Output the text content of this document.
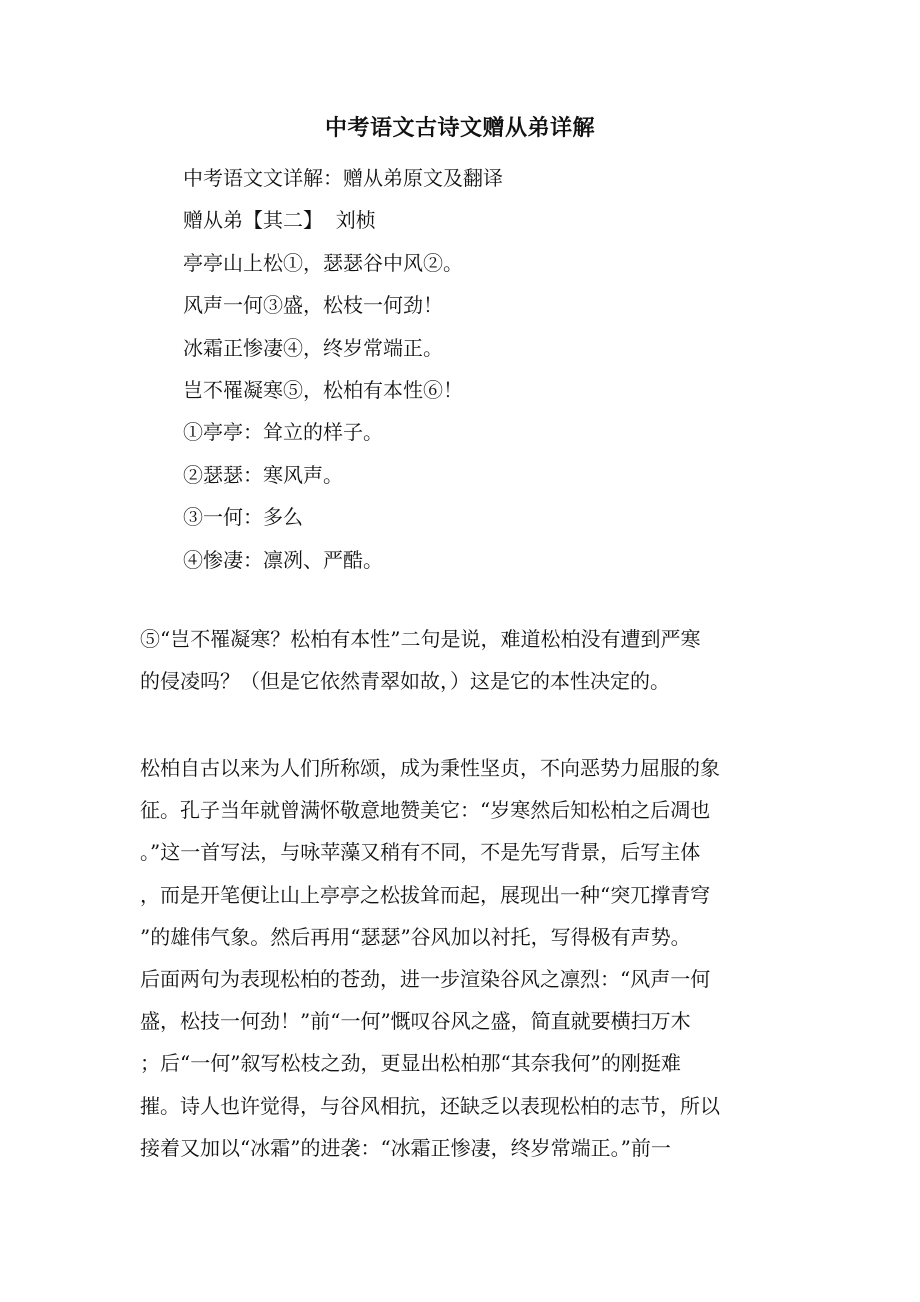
中考语文古诗文赠从弟详解
中考语文文详解：赠从弟原文及翻译
赠从弟【其二】  刘桢
亭亭山上松①，瑟瑟谷中风②。
风声一何③盛，松枝一何劲！
冰霜正惨凄④，终岁常端正。
岂不罹凝寒⑤，松柏有本性⑥！
①亭亭：耸立的样子。
②瑟瑟：寒风声。
③一何：多么
④惨凄：凛冽、严酷。
⑤“岂不罹凝寒？松柏有本性”二句是说，难道松柏没有遭到严寒
的侵凌吗？（但是它依然青翠如故，）这是它的本性决定的。
松柏自古以来为人们所称颂，成为秉性坚贞，不向恶势力屈服的象
征。孔子当年就曾满怀敬意地赞美它：“岁寒然后知松柏之后凋也
。”这一首写法，与咏苹藻又稍有不同，不是先写背景，后写主体
，而是开笔便让山上亭亭之松拔耸而起，展现出一种“突兀撑青穹
”的雄伟气象。然后再用“瑟瑟”谷风加以衬托，写得极有声势。
后面两句为表现松柏的苍劲，进一步渲染谷风之凛烈：“风声一何
盛，松技一何劲！”前“一何”慨叹谷风之盛，简直就要横扫万木
；后“一何”叙写松枝之劲，更显出松柏那“其奈我何”的刚挺难
摧。诗人也许觉得，与谷风相抗，还缺乏以表现松柏的志节，所以
接着又加以“冰霜”的进袭：“冰霜正惨凄，终岁常端正。”前一
